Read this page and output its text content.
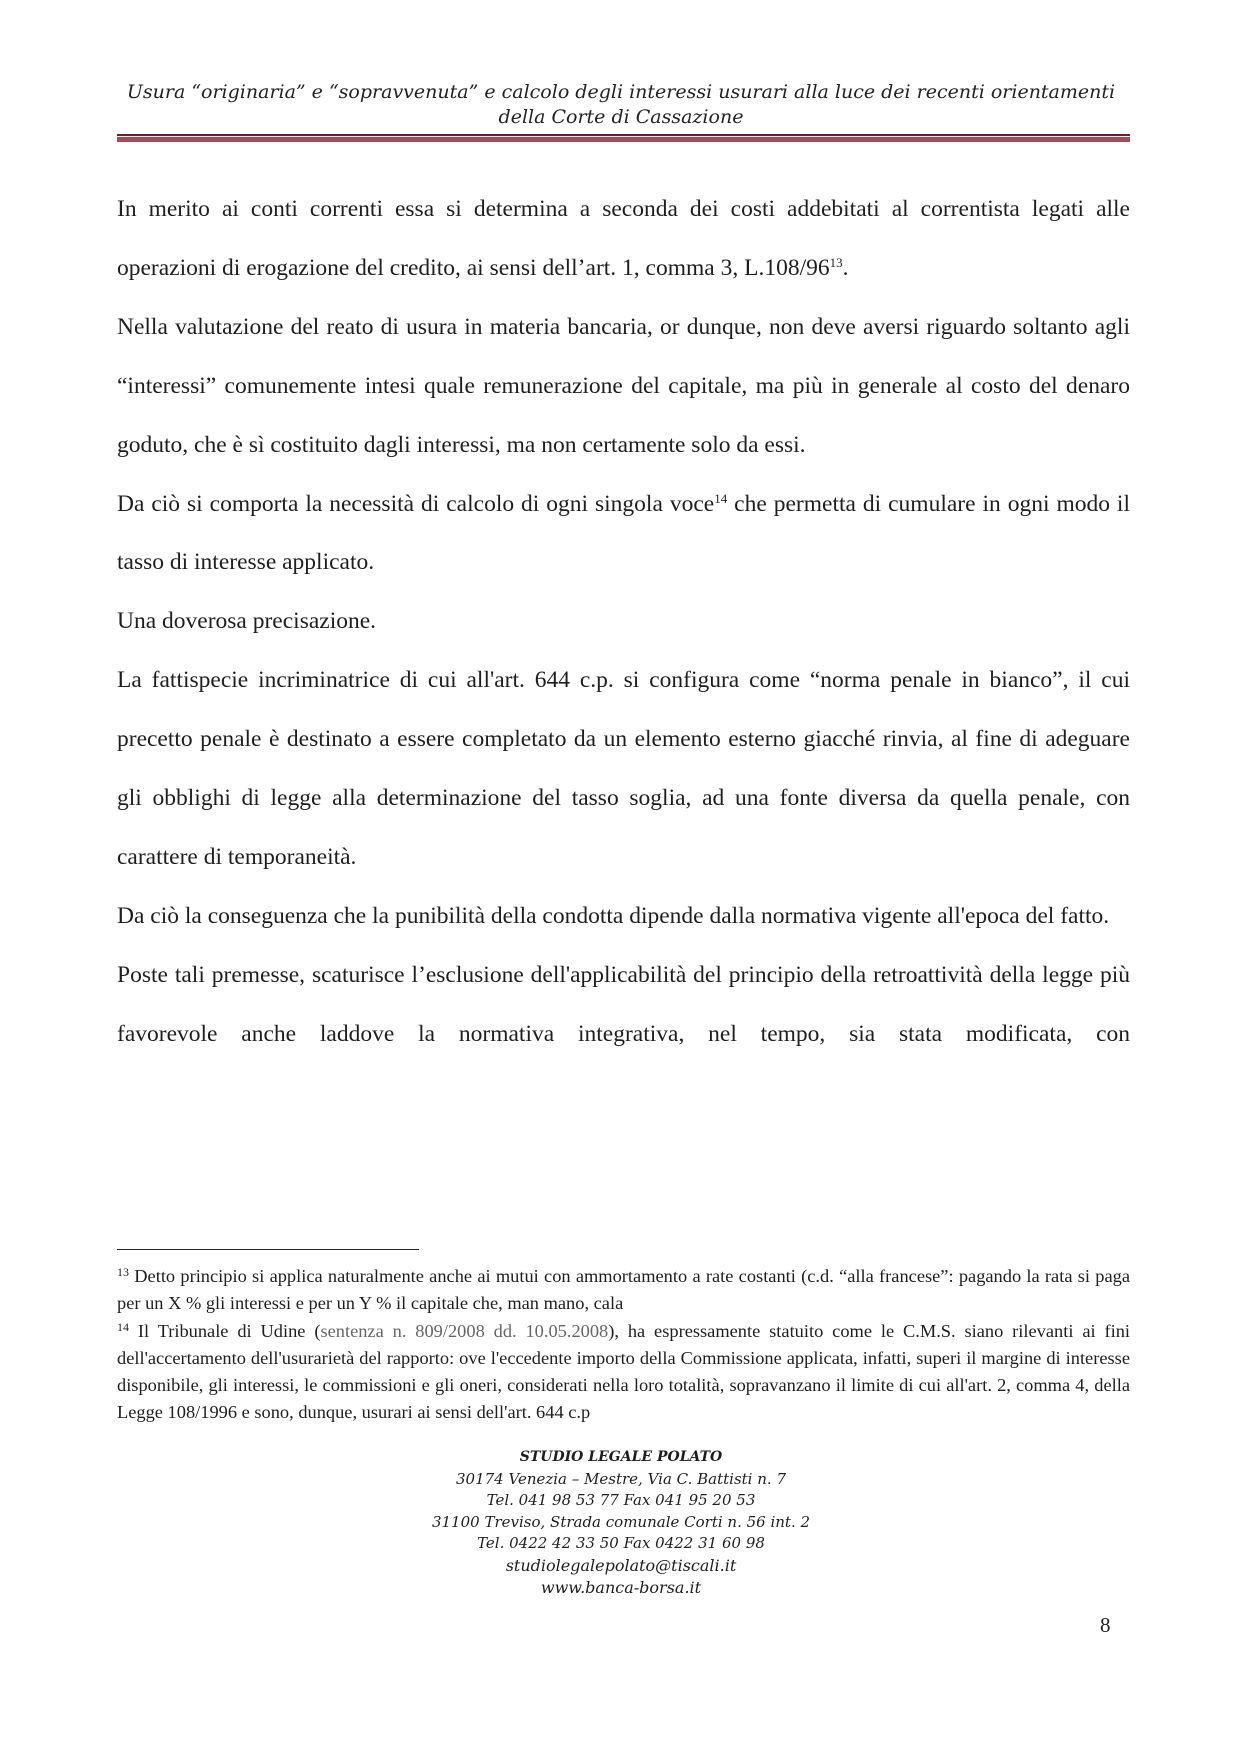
Usura “originaria” e “sopravvenuta” e calcolo degli interessi usurari alla luce dei recenti orientamenti della Corte di Cassazione

In merito ai conti correnti essa si determina a seconda dei costi addebitati al correntista legati alle operazioni di erogazione del credito, ai sensi dell’art. 1, comma 3, $L.108/96^{13}$.

Nella valutazione del reato di usura in materia bancaria, or dunque, non deve aversi riguardo soltanto agli “interessi” comunemente intesi quale remunerazione del capitale, ma più in generale al costo del denaro goduto, che è sì costituito dagli interessi, ma non certamente solo da essi.

Da ciò si comporta la necessità di calcolo di ogni singola voce$^{14}$ che permetta di cumulare in ogni modo il tasso di interesse applicato.

Una doverosa precisazione.

La fattispecie incriminatrice di cui all'art. 644 c.p. si configura come “norma penale in bianco”, il cui precetto penale è destinato a essere completato da un elemento esterno giacché rinvia, al fine di adeguare gli obblighi di legge alla determinazione del tasso soglia, ad una fonte diversa da quella penale, con carattere di temporaneità.

Da ciò la conseguenza che la punibilità della condotta dipende dalla normativa vigente all'epoca del fatto.

Poste tali premesse, scaturisce l’esclusione dell'applicabilità del principio della retroattività della legge più favorevole anche laddove la normativa integrativa, nel tempo, sia stata modificata, con

$^{13}$ Detto principio si applica naturalmente anche ai mutui con ammortamento a rate costanti (c.d. “alla francese”: pagando la rata si paga per un X % gli interessi e per un Y % il capitale che, man mano, cala

$^{14}$ Il Tribunale di Udine (sentenza n. 809/2008 dd. 10.05.2008), ha espressamente statuito come le C.M.S. siano rilevanti ai fini dell'accertamento dell'usurarietà del rapporto: ove l'eccedente importo della Commissione applicata, infatti, superi il margine di interesse disponibile, gli interessi, le commissioni e gli oneri, considerati nella loro totalità, sopravanzano il limite di cui all'art. 2, comma 4, della Legge 108/1996 e sono, dunque, usurari ai sensi dell'art. 644 c.p

STUDIO LEGALE POLATO
30174 Venezia – Mestre, Via C. Battisti n. 7
Tel. 041 98 53 77 Fax 041 95 20 53
31100 Treviso, Strada comunale Corti n. 56 int. 2
Tel. 0422 42 33 50 Fax 0422 31 60 98
studiolegalepolato@tiscali.it
www.banca-borsa.it
8
